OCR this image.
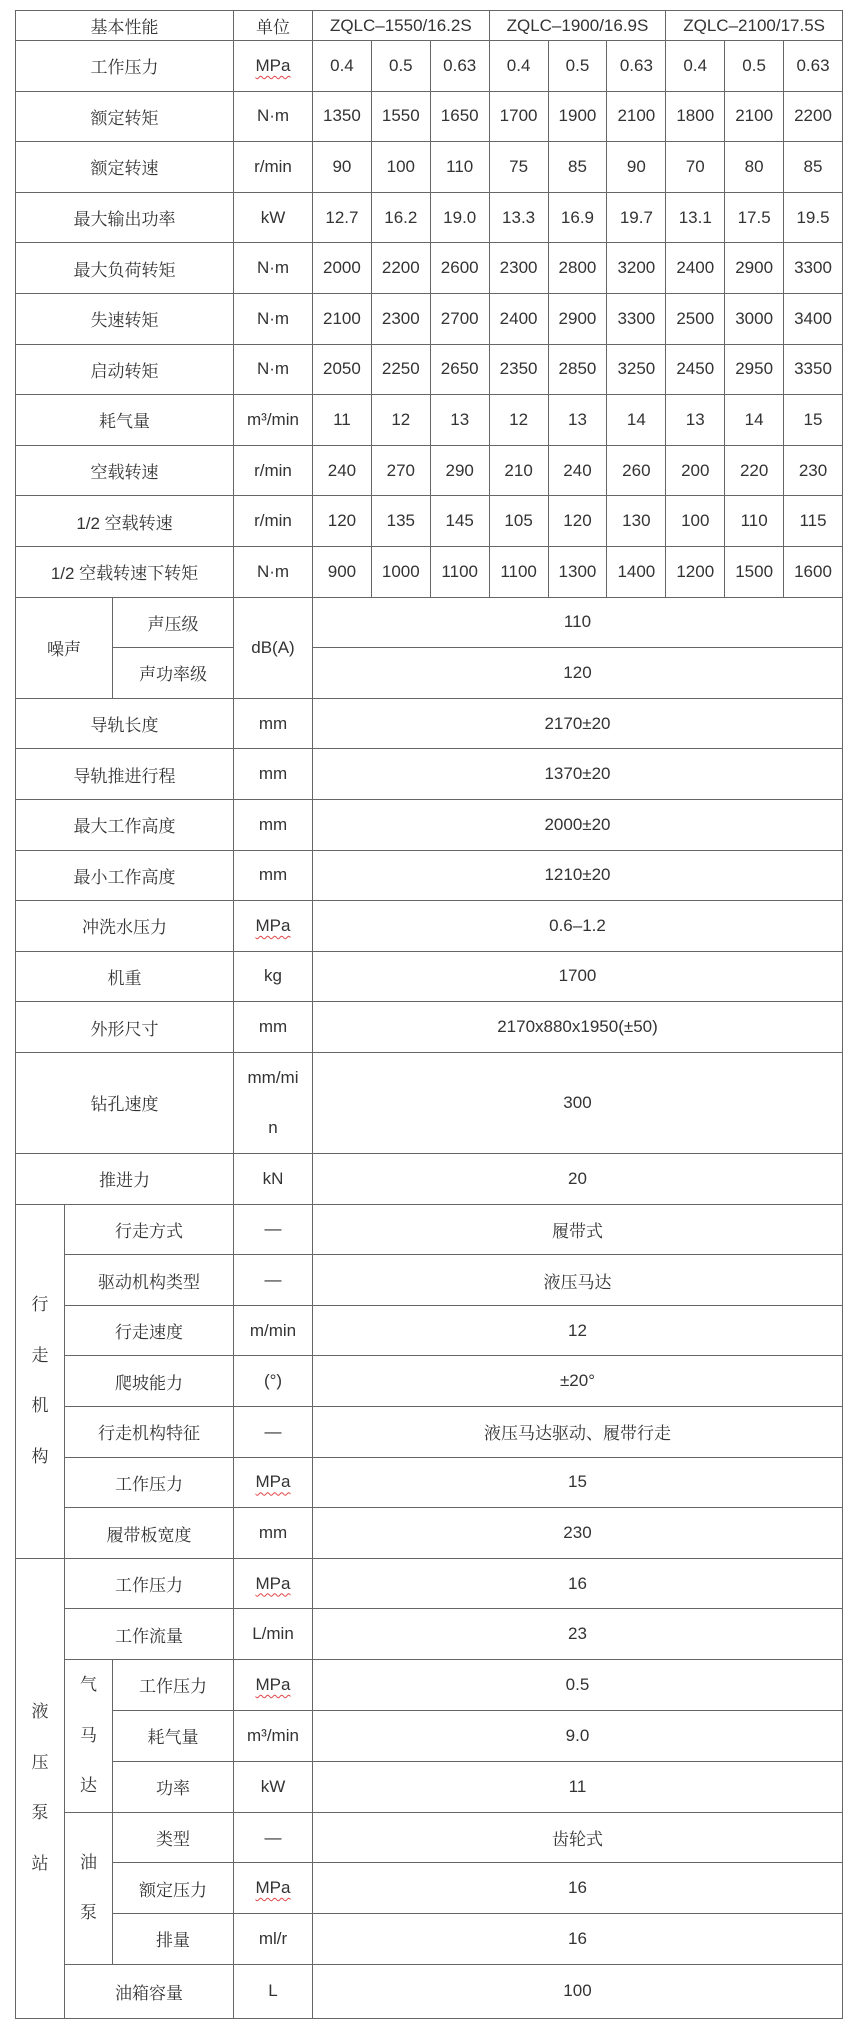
基本性能			单位	ZQLC–1550/16.2S			ZQLC–1900/16.9S			ZQLC–2100/17.5S		
工作压力			MPa	0.4	0.5	0.63	0.4	0.5	0.63	0.4	0.5	0.63
额定转矩			N·m	1350	1550	1650	1700	1900	2100	1800	2100	2200
额定转速			r/min	90	100	110	75	85	90	70	80	85
最大输出功率			kW	12.7	16.2	19.0	13.3	16.9	19.7	13.1	17.5	19.5
最大负荷转矩			N·m	2000	2200	2600	2300	2800	3200	2400	2900	3300
失速转矩			N·m	2100	2300	2700	2400	2900	3300	2500	3000	3400
启动转矩			N·m	2050	2250	2650	2350	2850	3250	2450	2950	3350
耗气量			m³/min	11	12	13	12	13	14	13	14	15
空载转速			r/min	240	270	290	210	240	260	200	220	230
1/2 空载转速			r/min	120	135	145	105	120	130	100	110	115
1/2 空载转速下转矩			N·m	900	1000	1100	1100	1300	1400	1200	1500	1600
噪声		声压级	dB(A)	110								
		声功率级		120								
导轨长度			mm	2170±20								
导轨推进行程			mm	1370±20								
最大工作高度			mm	2000±20								
最小工作高度			mm	1210±20								
冲洗水压力			MPa	0.6–1.2								
机重			kg	1700								
外形尺寸			mm	2170x880x1950(±50)								
钻孔速度			mm/min	300								
推进力			kN	20								
行走机构	行走方式		—	履带式								
	驱动机构类型		—	液压马达								
	行走速度		m/min	12								
	爬坡能力		(°)	±20°								
	行走机构特征		—	液压马达驱动、履带行走								
	工作压力		MPa	15								
	履带板宽度		mm	230								
液压泵站	工作压力		MPa	16								
	工作流量		L/min	23								
	气马达	工作压力	MPa	0.5								
		耗气量	m³/min	9.0								
		功率	kW	11								
	油泵	类型	—	齿轮式								
		额定压力	MPa	16								
		排量	ml/r	16								
	油箱容量		L	100								
